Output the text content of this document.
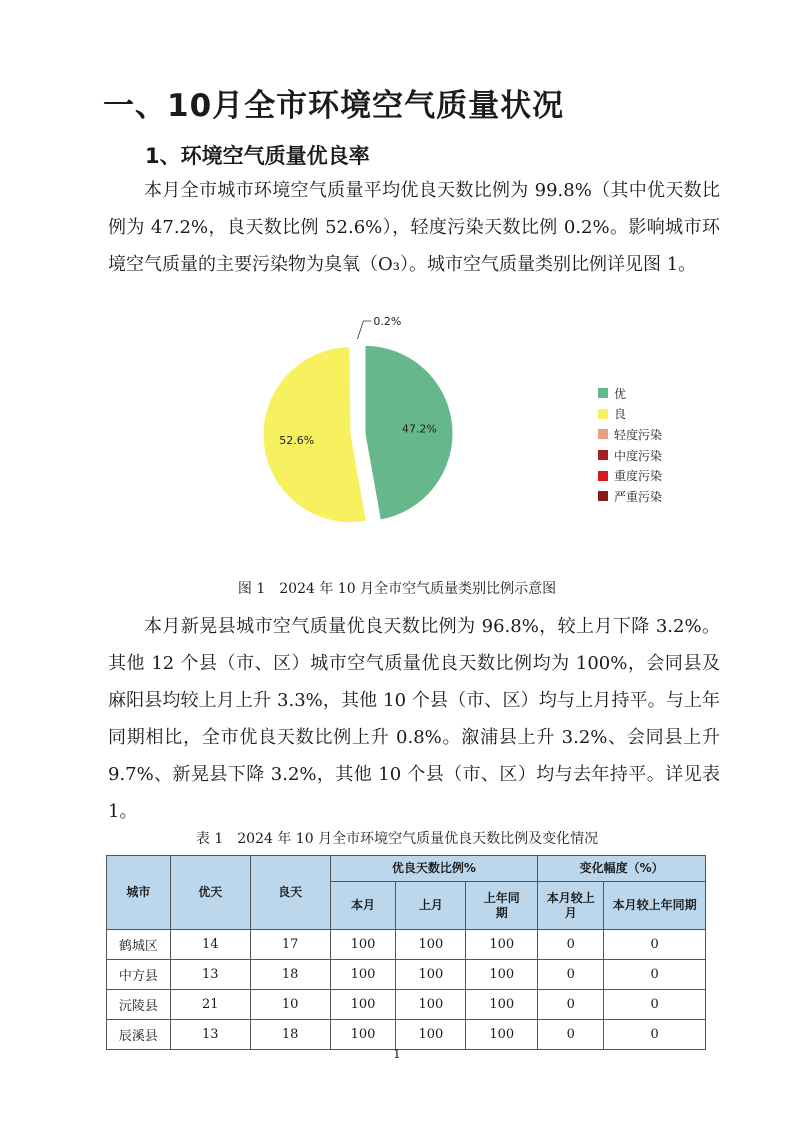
一、10月全市环境空气质量状况
1、环境空气质量优良率

本月全市城市环境空气质量平均优良天数比例为 99.8%（其中优天数比例为 47.2%，良天数比例 52.6%），轻度污染天数比例 0.2%。影响城市环境空气质量的主要污染物为臭氧（O₃）。城市空气质量类别比例详见图 1。

47.2%
52.6%
0.2%
优
良
轻度污染
中度污染
重度污染
严重污染
图 1　2024 年 10 月全市空气质量类别比例示意图

本月新晃县城市空气质量优良天数比例为 96.8%，较上月下降 3.2%。其他 12 个县（市、区）城市空气质量优良天数比例均为 100%，会同县及麻阳县均较上月上升 3.3%，其他 10 个县（市、区）均与上月持平。与上年同期相比，全市优良天数比例上升 0.8%。溆浦县上升 3.2%、会同县上升 9.7%、新晃县下降 3.2%，其他 10 个县（市、区）均与去年持平。详见表 1。

表 1　2024 年 10 月全市环境空气质量优良天数比例及变化情况
城市	优天	良天	优良天数比例%			变化幅度（%）	
			本月	上月	上年同期	本月较上月	本月较上年同期
鹤城区	14	17	100	100	100	0	0
中方县	13	18	100	100	100	0	0
沅陵县	21	10	100	100	100	0	0
辰溪县	13	18	100	100	100	0	0
1
